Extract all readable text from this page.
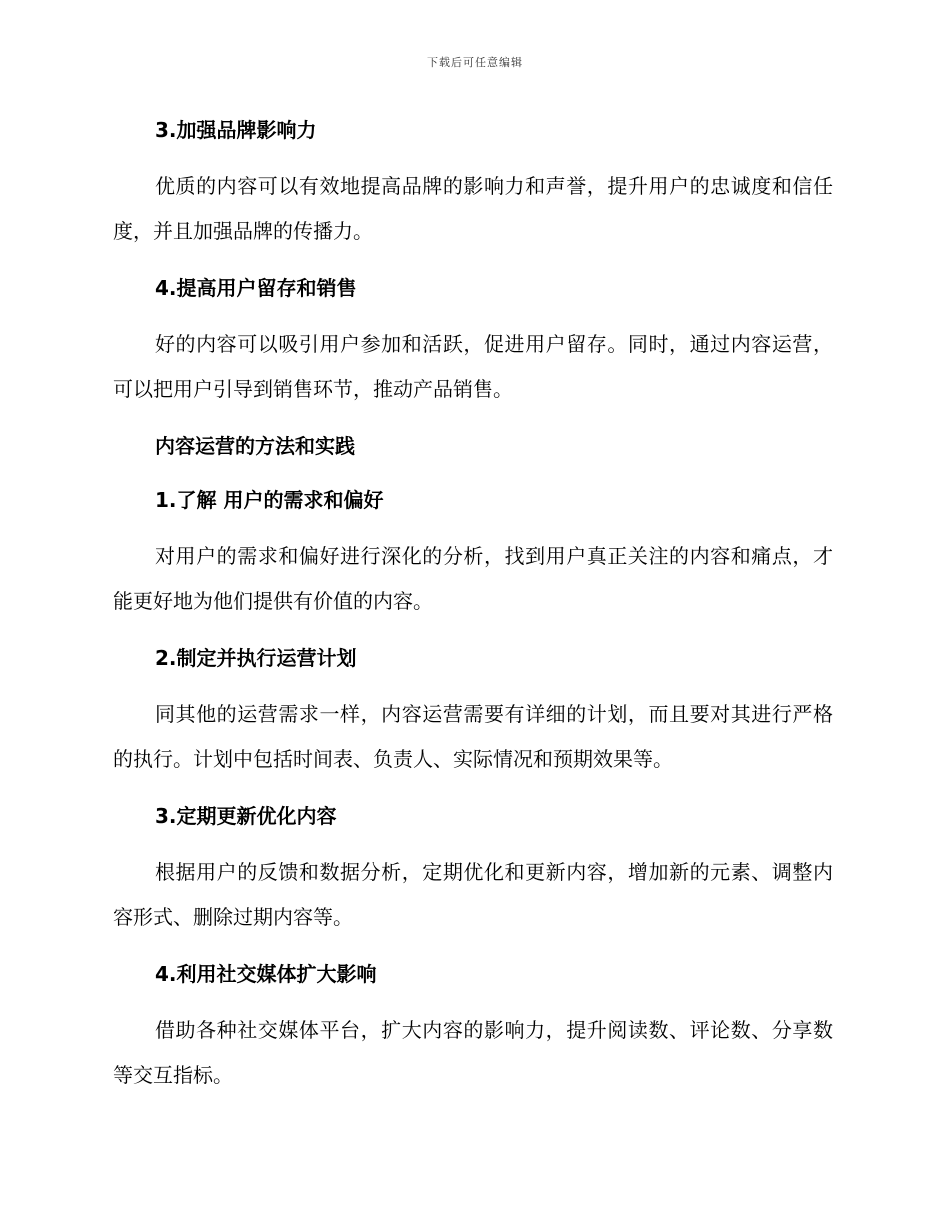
下载后可任意编辑
3.加强品牌影响力
优质的内容可以有效地提高品牌的影响力和声誉，提升用户的忠诚度和信任度，并且加强品牌的传播力。
4.提高用户留存和销售
好的内容可以吸引用户参加和活跃，促进用户留存。同时，通过内容运营，可以把用户引导到销售环节，推动产品销售。
内容运营的方法和实践
1.了解 用户的需求和偏好
对用户的需求和偏好进行深化的分析，找到用户真正关注的内容和痛点，才能更好地为他们提供有价值的内容。
2.制定并执行运营计划
同其他的运营需求一样，内容运营需要有详细的计划，而且要对其进行严格的执行。计划中包括时间表、负责人、实际情况和预期效果等。
3.定期更新优化内容
根据用户的反馈和数据分析，定期优化和更新内容，增加新的元素、调整内容形式、删除过期内容等。
4.利用社交媒体扩大影响
借助各种社交媒体平台，扩大内容的影响力，提升阅读数、评论数、分享数等交互指标。
